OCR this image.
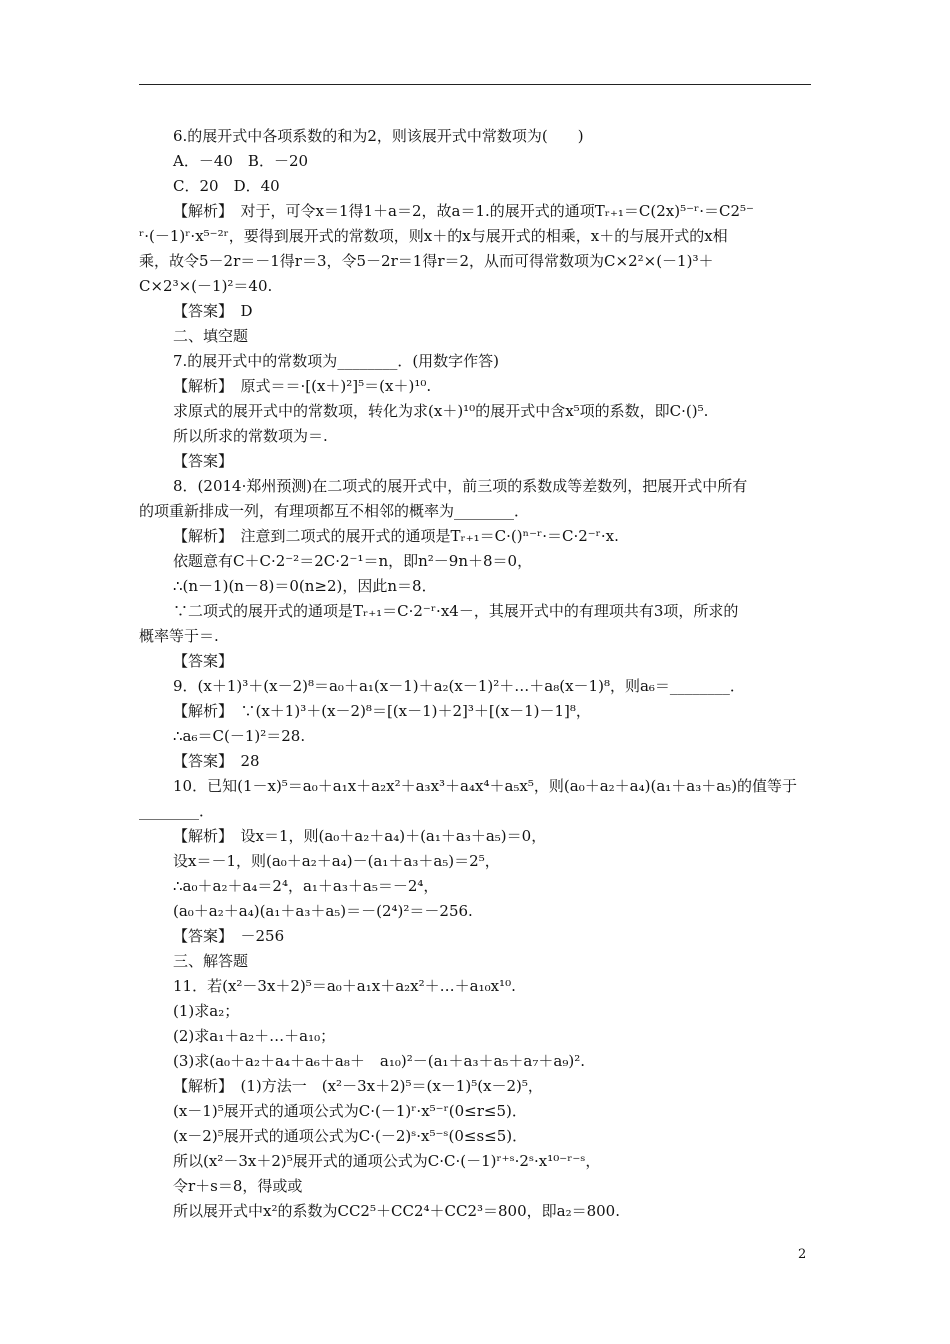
6.的展开式中各项系数的和为2，则该展开式中常数项为(　　)
A．－40　B．－20
C．20　D．40
【解析】　对于，可令x＝1得1＋a＝2，故a＝1.的展开式的通项Tᵣ₊₁＝C(2x)⁵⁻ʳ·＝C2⁵⁻
ʳ·(－1)ʳ·x⁵⁻²ʳ，要得到展开式的常数项，则x＋的x与展开式的相乘，x＋的与展开式的x相
乘，故令5－2r＝－1得r＝3，令5－2r＝1得r＝2，从而可得常数项为C×2²×(－1)³＋
C×2³×(－1)²＝40.
【答案】　D
二、填空题
7.的展开式中的常数项为________．(用数字作答)
【解析】　原式＝＝·[(x＋)²]⁵＝(x＋)¹⁰.
求原式的展开式中的常数项，转化为求(x＋)¹⁰的展开式中含x⁵项的系数，即C·()⁵.
所以所求的常数项为＝.
【答案】
8．(2014·郑州预测)在二项式的展开式中，前三项的系数成等差数列，把展开式中所有
的项重新排成一列，有理项都互不相邻的概率为________．
【解析】　注意到二项式的展开式的通项是Tᵣ₊₁＝C·()ⁿ⁻ʳ·＝C·2⁻ʳ·x.
依题意有C＋C·2⁻²＝2C·2⁻¹＝n，即n²－9n＋8＝0，
∴(n－1)(n－8)＝0(n≥2)，因此n＝8．
∵二项式的展开式的通项是Tᵣ₊₁＝C·2⁻ʳ·x4－，其展开式中的有理项共有3项，所求的
概率等于＝.
【答案】
9．(x＋1)³＋(x－2)⁸＝a₀＋a₁(x－1)＋a₂(x－1)²＋…＋a₈(x－1)⁸，则a₆＝________．
【解析】　∵(x＋1)³＋(x－2)⁸＝[(x－1)＋2]³＋[(x－1)－1]⁸，
∴a₆＝C(－1)²＝28.
【答案】　28
10．已知(1－x)⁵＝a₀＋a₁x＋a₂x²＋a₃x³＋a₄x⁴＋a₅x⁵，则(a₀＋a₂＋a₄)(a₁＋a₃＋a₅)的值等于
________．
【解析】　设x＝1，则(a₀＋a₂＋a₄)＋(a₁＋a₃＋a₅)＝0，
设x＝－1，则(a₀＋a₂＋a₄)－(a₁＋a₃＋a₅)＝2⁵，
∴a₀＋a₂＋a₄＝2⁴，a₁＋a₃＋a₅＝－2⁴，
(a₀＋a₂＋a₄)(a₁＋a₃＋a₅)＝－(2⁴)²＝－256.
【答案】　－256
三、解答题
11．若(x²－3x＋2)⁵＝a₀＋a₁x＋a₂x²＋…＋a₁₀x¹⁰.
(1)求a₂；
(2)求a₁＋a₂＋…＋a₁₀；
(3)求(a₀＋a₂＋a₄＋a₆＋a₈＋　a₁₀)²－(a₁＋a₃＋a₅＋a₇＋a₉)².
【解析】　(1)方法一　(x²－3x＋2)⁵＝(x－1)⁵(x－2)⁵，
(x－1)⁵展开式的通项公式为C·(－1)ʳ·x⁵⁻ʳ(0≤r≤5)．
(x－2)⁵展开式的通项公式为C·(－2)ˢ·x⁵⁻ˢ(0≤s≤5)．
所以(x²－3x＋2)⁵展开式的通项公式为C·C·(－1)ʳ⁺ˢ·2ˢ·x¹⁰⁻ʳ⁻ˢ，
令r＋s＝8，得或或
所以展开式中x²的系数为CC2⁵＋CC2⁴＋CC2³＝800，即a₂＝800.
2
